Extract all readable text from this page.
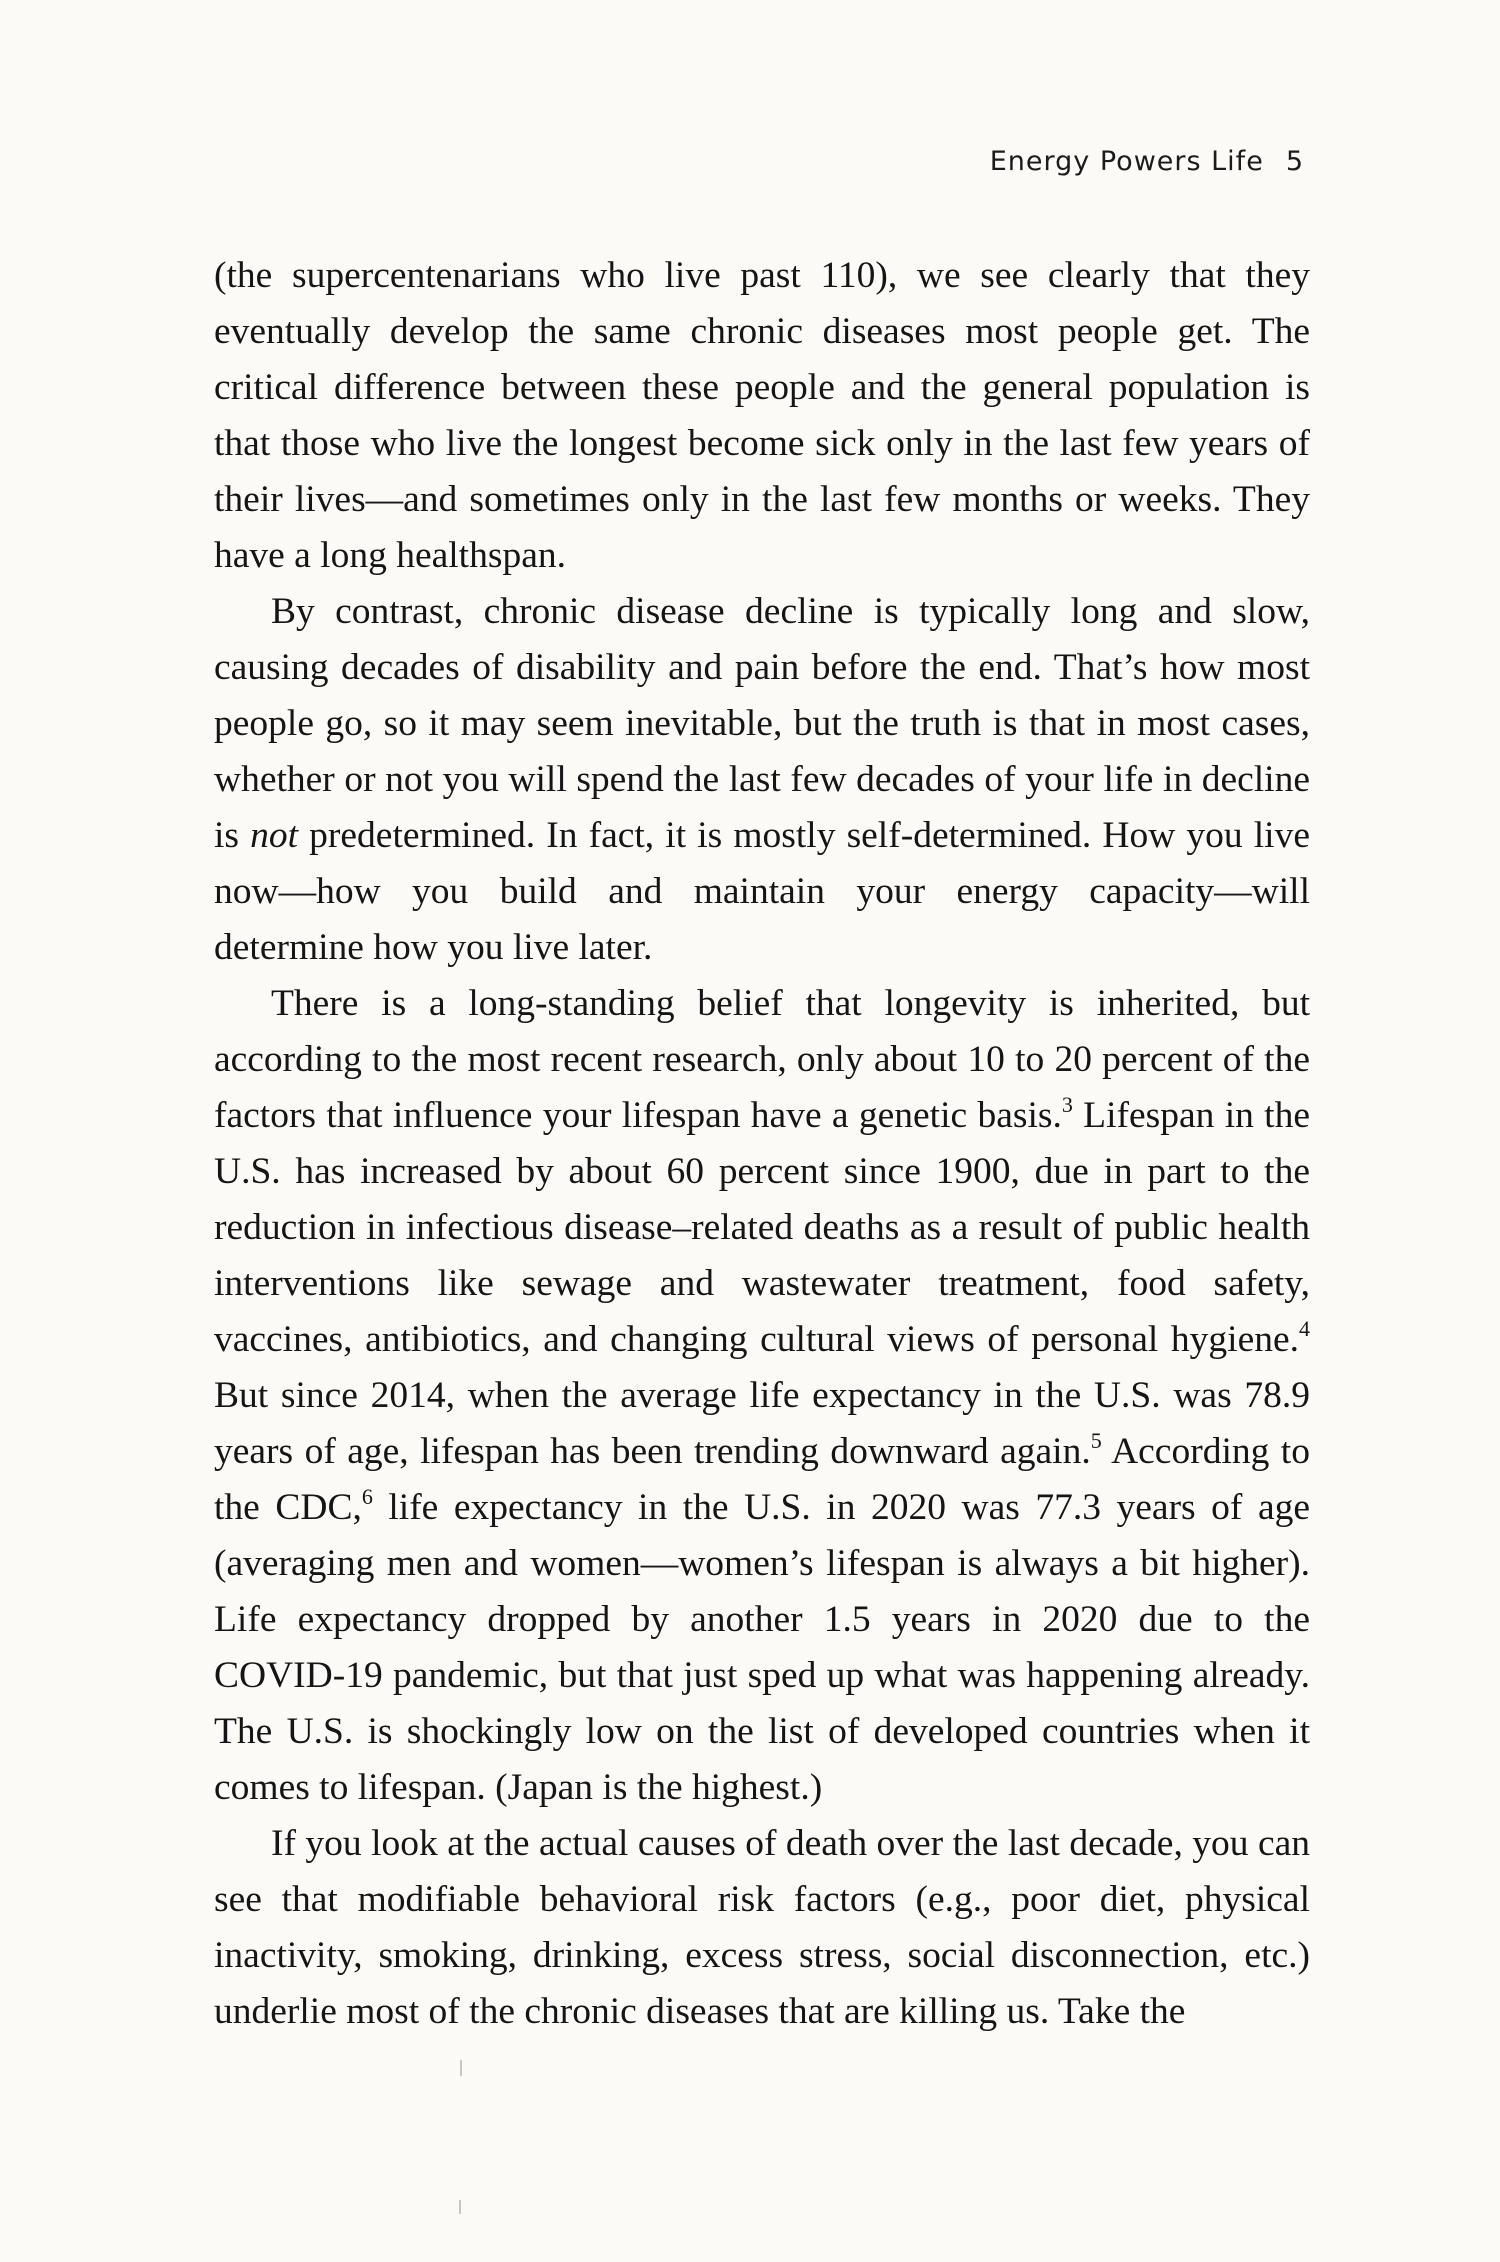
Energy Powers Life 5

(the supercentenarians who live past 110), we see clearly that they eventually develop the same chronic diseases most people get. The critical difference between these people and the general population is that those who live the longest become sick only in the last few years of their lives—and sometimes only in the last few months or weeks. They have a long healthspan.

By contrast, chronic disease decline is typically long and slow, causing decades of disability and pain before the end. That’s how most people go, so it may seem inevitable, but the truth is that in most cases, whether or not you will spend the last few decades of your life in decline is not predetermined. In fact, it is mostly self-determined. How you live now—how you build and maintain your energy capacity—will determine how you live later.

There is a long-standing belief that longevity is inherited, but according to the most recent research, only about 10 to 20 percent of the factors that influence your lifespan have a genetic basis.$^3$ Lifespan in the U.S. has increased by about 60 percent since 1900, due in part to the reduction in infectious disease–related deaths as a result of public health interventions like sewage and wastewater treatment, food safety, vaccines, antibiotics, and changing cultural views of personal hygiene.$^4$ But since 2014, when the average life expectancy in the U.S. was 78.9 years of age, lifespan has been trending downward again.$^5$ According to the CDC,$^6$ life expectancy in the U.S. in 2020 was 77.3 years of age (averaging men and women—women’s lifespan is always a bit higher). Life expectancy dropped by another 1.5 years in 2020 due to the COVID-19 pandemic, but that just sped up what was happening already. The U.S. is shockingly low on the list of developed countries when it comes to lifespan. (Japan is the highest.)

If you look at the actual causes of death over the last decade, you can see that modifiable behavioral risk factors (e.g., poor diet, physical inactivity, smoking, drinking, excess stress, social disconnection, etc.) underlie most of the chronic diseases that are killing us. Take the
